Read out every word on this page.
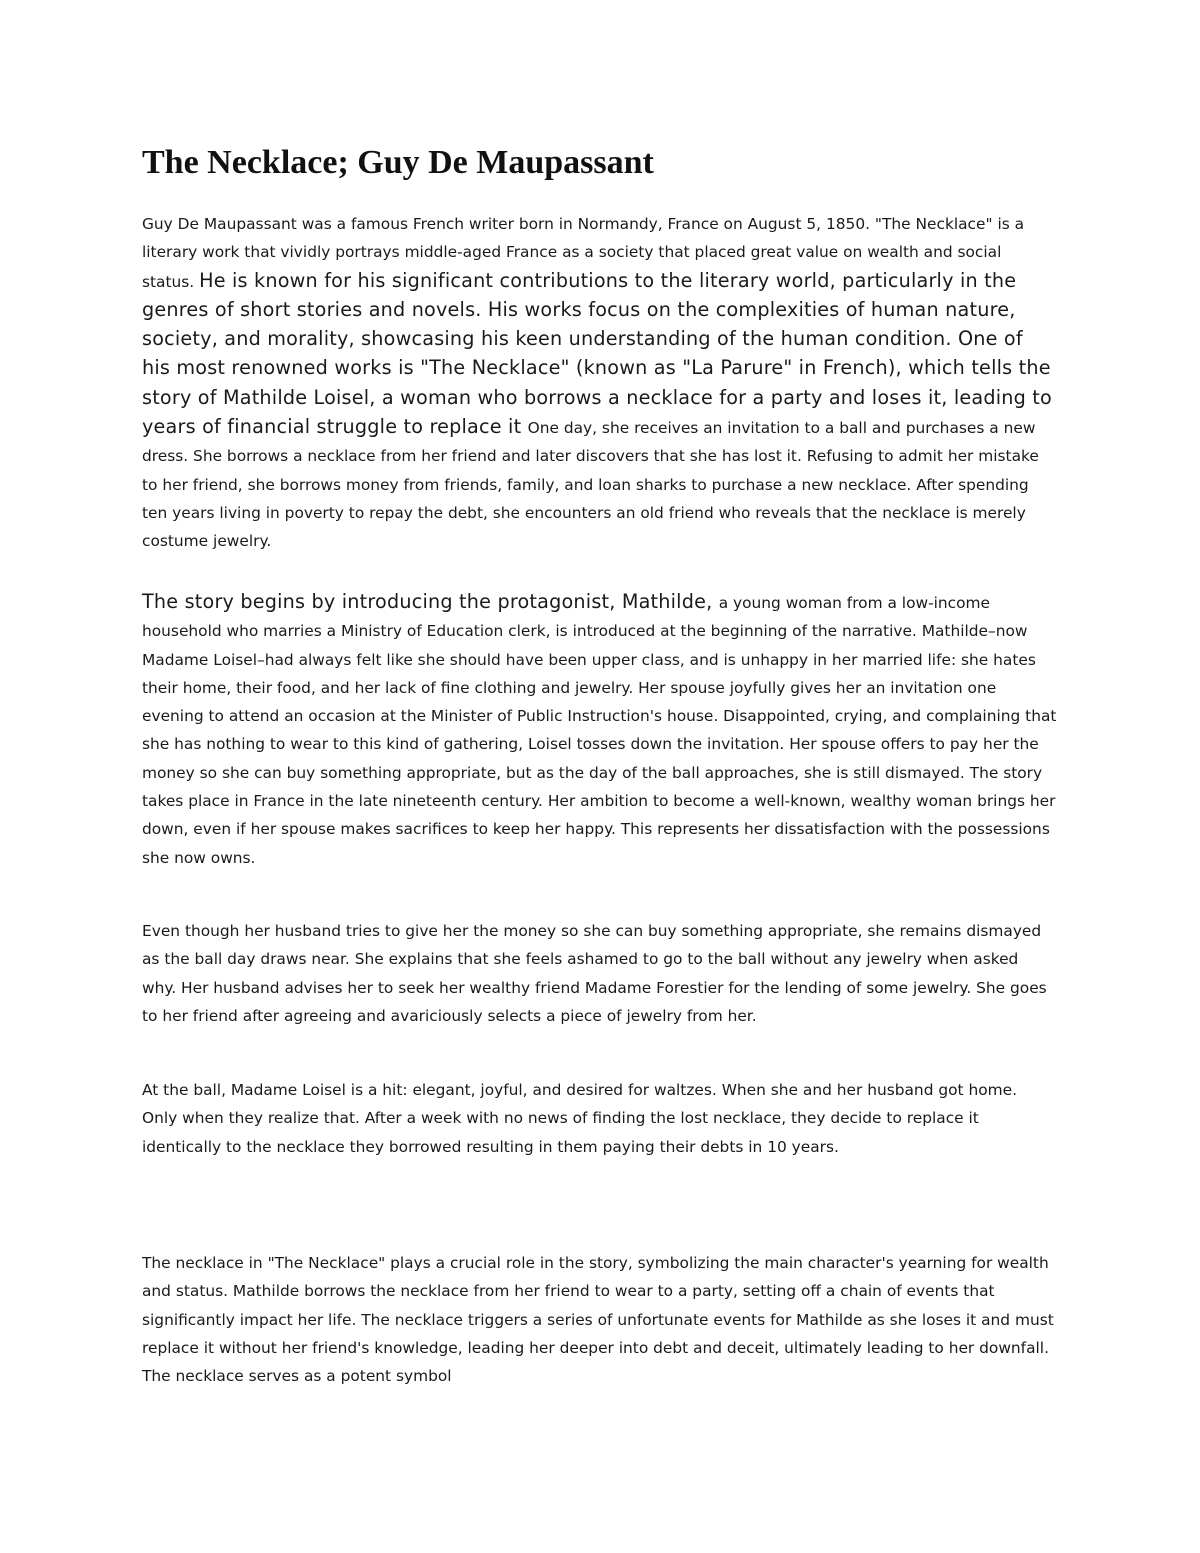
The Necklace; Guy De Maupassant

Guy De Maupassant was a famous French writer born in Normandy, France on August 5, 1850. "The Necklace" is a literary work that vividly portrays middle-aged France as a society that placed great value on wealth and social status. He is known for his significant contributions to the literary world, particularly in the genres of short stories and novels. His works focus on the complexities of human nature, society, and morality, showcasing his keen understanding of the human condition. One of his most renowned works is "The Necklace" (known as "La Parure" in French), which tells the story of Mathilde Loisel, a woman who borrows a necklace for a party and loses it, leading to years of financial struggle to replace it One day, she receives an invitation to a ball and purchases a new dress. She borrows a necklace from her friend and later discovers that she has lost it. Refusing to admit her mistake to her friend, she borrows money from friends, family, and loan sharks to purchase a new necklace. After spending ten years living in poverty to repay the debt, she encounters an old friend who reveals that the necklace is merely costume jewelry.

The story begins by introducing the protagonist, Mathilde, a young woman from a low-income household who marries a Ministry of Education clerk, is introduced at the beginning of the narrative. Mathilde–now Madame Loisel–had always felt like she should have been upper class, and is unhappy in her married life: she hates their home, their food, and her lack of fine clothing and jewelry. Her spouse joyfully gives her an invitation one evening to attend an occasion at the Minister of Public Instruction's house. Disappointed, crying, and complaining that she has nothing to wear to this kind of gathering, Loisel tosses down the invitation. Her spouse offers to pay her the money so she can buy something appropriate, but as the day of the ball approaches, she is still dismayed. The story takes place in France in the late nineteenth century. Her ambition to become a well-known, wealthy woman brings her down, even if her spouse makes sacrifices to keep her happy. This represents her dissatisfaction with the possessions she now owns.

Even though her husband tries to give her the money so she can buy something appropriate, she remains dismayed as the ball day draws near. She explains that she feels ashamed to go to the ball without any jewelry when asked why. Her husband advises her to seek her wealthy friend Madame Forestier for the lending of some jewelry. She goes to her friend after agreeing and avariciously selects a piece of jewelry from her.

At the ball, Madame Loisel is a hit: elegant, joyful, and desired for waltzes. When she and her husband got home. Only when they realize that. After a week with no news of finding the lost necklace, they decide to replace it identically to the necklace they borrowed resulting in them paying their debts in 10 years.

The necklace in "The Necklace" plays a crucial role in the story, symbolizing the main character's yearning for wealth and status. Mathilde borrows the necklace from her friend to wear to a party, setting off a chain of events that significantly impact her life. The necklace triggers a series of unfortunate events for Mathilde as she loses it and must replace it without her friend's knowledge, leading her deeper into debt and deceit, ultimately leading to her downfall. The necklace serves as a potent symbol
